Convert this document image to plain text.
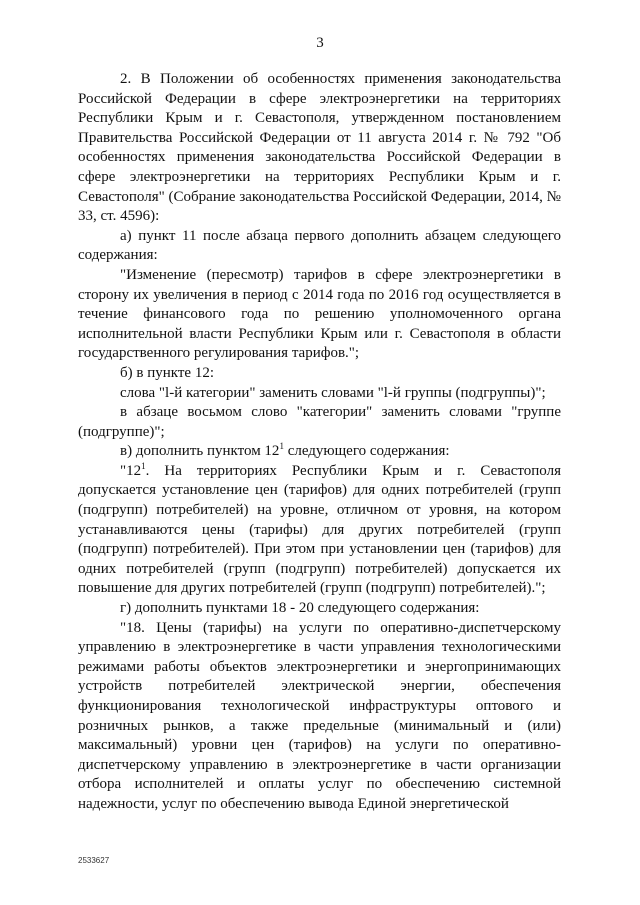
3

2. В Положении об особенностях применения законодательства Российской Федерации в сфере электроэнергетики на территориях Республики Крым и г. Севастополя, утвержденном постановлением Правительства Российской Федерации от 11 августа 2014 г. № 792 "Об особенностях применения законодательства Российской Федерации в сфере электроэнергетики на территориях Республики Крым и г. Севастополя" (Собрание законодательства Российской Федерации, 2014, № 33, ст. 4596):

а) пункт 11 после абзаца первого дополнить абзацем следующего содержания:

"Изменение (пересмотр) тарифов в сфере электроэнергетики в сторону их увеличения в период с 2014 года по 2016 год осуществляется в течение финансового года по решению уполномоченного органа исполнительной власти Республики Крым или г. Севастополя в области государственного регулирования тарифов.";

б) в пункте 12:

слова "l-й категории" заменить словами "l-й группы (подгруппы)";

в абзаце восьмом слово "категории" заменить словами "группе (подгруппе)";

в) дополнить пунктом $12^1$ следующего содержания:

"$12^1$. На территориях Республики Крым и г. Севастополя допускается установление цен (тарифов) для одних потребителей (групп (подгрупп) потребителей) на уровне, отличном от уровня, на котором устанавливаются цены (тарифы) для других потребителей (групп (подгрупп) потребителей). При этом при установлении цен (тарифов) для одних потребителей (групп (подгрупп) потребителей) допускается их повышение для других потребителей (групп (подгрупп) потребителей).";

г) дополнить пунктами 18 - 20 следующего содержания:

"18. Цены (тарифы) на услуги по оперативно-диспетчерскому управлению в электроэнергетике в части управления технологическими режимами работы объектов электроэнергетики и энергопринимающих устройств потребителей электрической энергии, обеспечения функционирования технологической инфраструктуры оптового и розничных рынков, а также предельные (минимальный и (или) максимальный) уровни цен (тарифов) на услуги по оперативно-диспетчерскому управлению в электроэнергетике в части организации отбора исполнителей и оплаты услуг по обеспечению системной надежности, услуг по обеспечению вывода Единой энергетической

2533627
